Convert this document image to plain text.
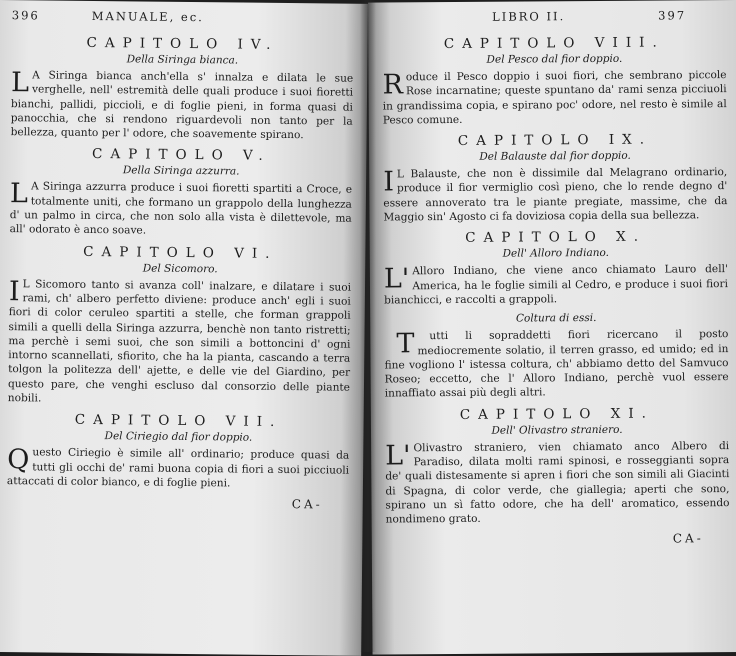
396	MANUALE, ec.
CAPITOLO IV.
Della Siringa bianca.

LA Siringa bianca anch'ella s' innalza e dilata le sue verghelle, nell' estremità delle quali produce i suoi fioretti bianchi, pallidi, piccioli, e di foglie pieni, in forma quasi di panocchia, che si rendono riguardevoli non tanto per la bellezza, quanto per l' odore, che soavemente spirano.

CAPITOLO V.
Della Siringa azzurra.

LA Siringa azzurra produce i suoi fioretti spartiti a Croce, e totalmente uniti, che formano un grappolo della lunghezza d' un palmo in circa, che non solo alla vista è dilettevole, ma all' odorato è anco soave.

CAPITOLO VI.
Del Sicomoro.

IL Sicomoro tanto si avanza coll' inalzare, e dilatare i suoi rami, ch' albero perfetto diviene: produce anch' egli i suoi fiori di color ceruleo spartiti a stelle, che forman grappoli simili a quelli della Siringa azzurra, benchè non tanto ristretti; ma perchè i semi suoi, che son simili a bottoncini d' ogni intorno scannellati, sfiorito, che ha la pianta, cascando a terra tolgon la politezza dell' ajette, e delle vie del Giardino, per questo pare, che venghi escluso dal consorzio delle piante nobili.

CAPITOLO VII.
Del Ciriegio dal fior doppio.

Questo Ciriegio è simile all' ordinario; produce quasi da tutti gli occhi de' rami buona copia di fiori a suoi picciuoli attaccati di color bianco, e di foglie pieni.

CA-
LIBRO II.	397
CAPITOLO VIII.
Del Pesco dal fior doppio.

Roduce il Pesco doppio i suoi fiori, che sembrano piccole Rose incarnatine; queste spuntano da' rami senza picciuoli in grandissima copia, e spirano poc' odore, nel resto è simile al Pesco comune.

CAPITOLO IX.
Del Balauste dal fior doppio.

IL Balauste, che non è dissimile dal Melagrano ordinario, produce il fior vermiglio così pieno, che lo rende degno d' essere annoverato tra le piante pregiate, massime, che da Maggio sin' Agosto ci fa doviziosa copia della sua bellezza.

CAPITOLO X.
Dell' Alloro Indiano.

L'Alloro Indiano, che viene anco chiamato Lauro dell' America, ha le foglie simili al Cedro, e produce i suoi fiori bianchicci, e raccolti a grappoli.

Coltura di essi.

Tutti li sopraddetti fiori ricercano il posto mediocremente solatio, il terren grasso, ed umido; ed in fine vogliono l' istessa coltura, ch' abbiamo detto del Samvuco Roseo; eccetto, che l' Alloro Indiano, perchè vuol essere innaffiato assai più degli altri.

CAPITOLO XI.
Dell' Olivastro straniero.

L'Olivastro straniero, vien chiamato anco Albero di Paradiso, dilata molti rami spinosi, e rosseggianti sopra de' quali distesamente si apren i fiori che son simili ali Giacinti di Spagna, di color verde, che giallegia; aperti che sono, spirano un sì fatto odore, che ha dell' aromatico, essendo nondimeno grato.

CA-
